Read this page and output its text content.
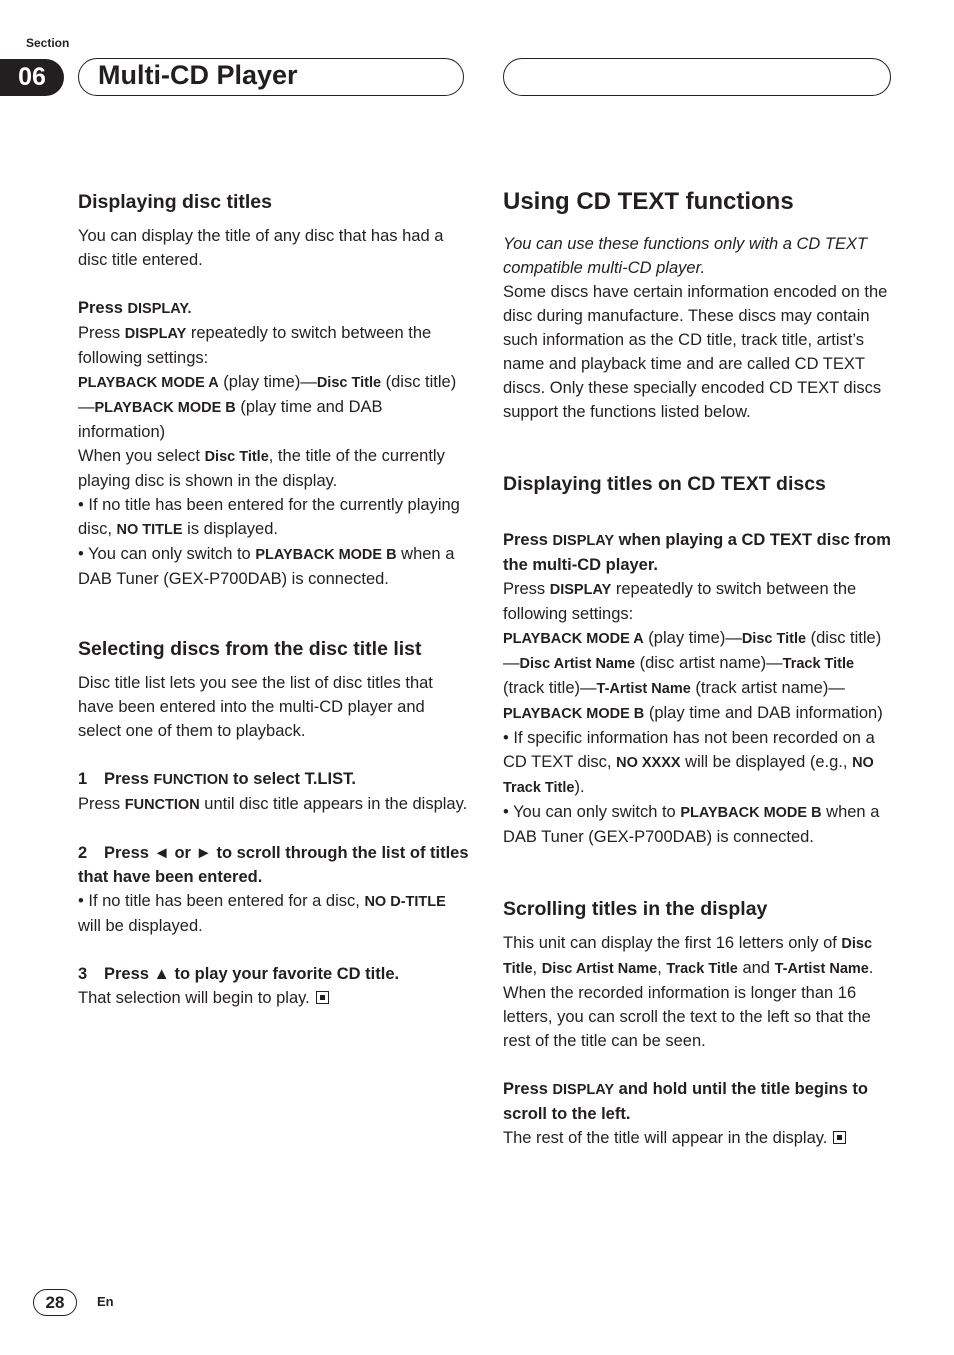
Section
06	Multi-CD Player
Displaying disc titles

You can display the title of any disc that has had a disc title entered.

Press DISPLAY.

Press DISPLAY repeatedly to switch between the following settings:

PLAYBACK MODE A (play time)—Disc Title (disc title)—PLAYBACK MODE B (play time and DAB information)

When you select Disc Title, the title of the currently playing disc is shown in the display.

• If no title has been entered for the currently playing disc, NO TITLE is displayed.

• You can only switch to PLAYBACK MODE B when a DAB Tuner (GEX-P700DAB) is connected.

Selecting discs from the disc title list

Disc title list lets you see the list of disc titles that have been entered into the multi-CD player and select one of them to playback.

1 Press FUNCTION to select T.LIST.

Press FUNCTION until disc title appears in the display.

2 Press ◄ or ► to scroll through the list of titles that have been entered.

• If no title has been entered for a disc, NO D-TITLE will be displayed.

3 Press ▲ to play your favorite CD title.

That selection will begin to play.

Using CD TEXT functions

You can use these functions only with a CD TEXT compatible multi-CD player.

Some discs have certain information encoded on the disc during manufacture. These discs may contain such information as the CD title, track title, artist’s name and playback time and are called CD TEXT discs. Only these specially encoded CD TEXT discs support the functions listed below.

Displaying titles on CD TEXT discs

Press DISPLAY when playing a CD TEXT disc from the multi-CD player.

Press DISPLAY repeatedly to switch between the following settings:

PLAYBACK MODE A (play time)—Disc Title (disc title)—Disc Artist Name (disc artist name)—Track Title (track title)—T-Artist Name (track artist name)—PLAYBACK MODE B (play time and DAB information)

• If specific information has not been recorded on a CD TEXT disc, NO XXXX will be displayed (e.g., NO Track Title).

• You can only switch to PLAYBACK MODE B when a DAB Tuner (GEX-P700DAB) is connected.

Scrolling titles in the display

This unit can display the first 16 letters only of Disc Title, Disc Artist Name, Track Title and T-Artist Name. When the recorded information is longer than 16 letters, you can scroll the text to the left so that the rest of the title can be seen.

Press DISPLAY and hold until the title begins to scroll to the left.

The rest of the title will appear in the display.

28	En
